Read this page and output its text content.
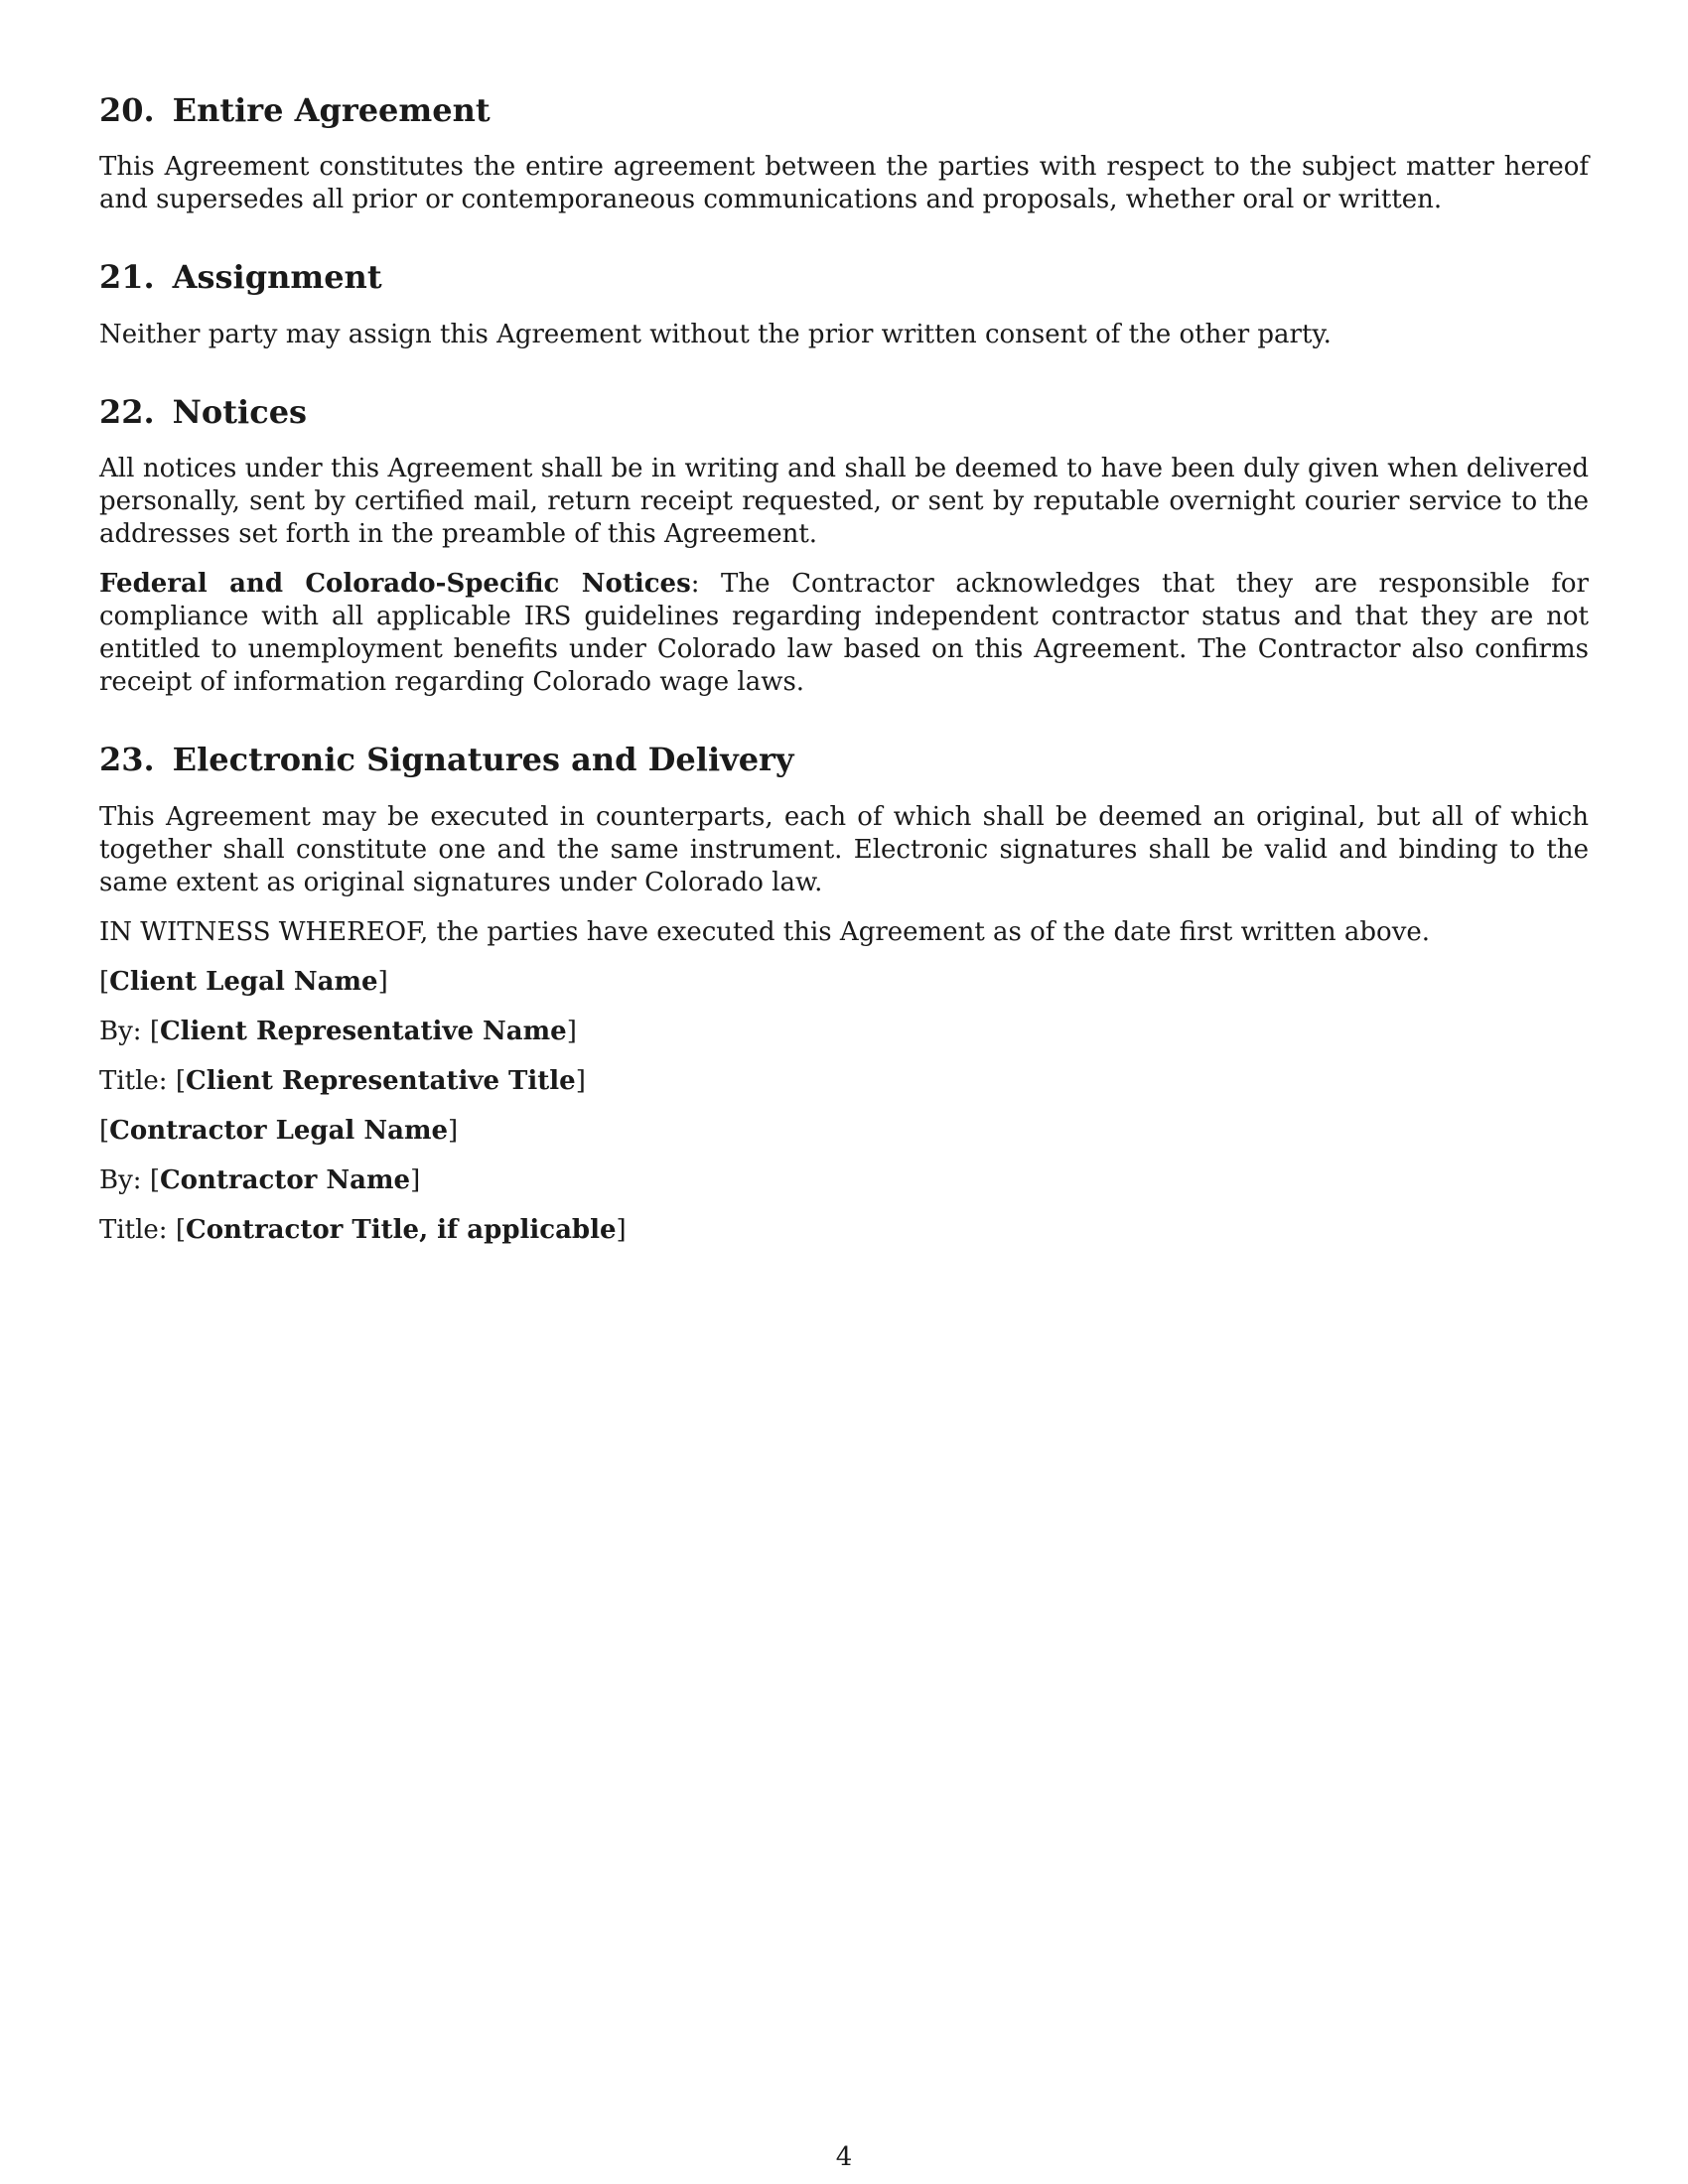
20. Entire Agreement

This Agreement constitutes the entire agreement between the parties with respect to the subject matter hereof and supersedes all prior or contemporaneous communications and proposals, whether oral or written.

21. Assignment

Neither party may assign this Agreement without the prior written consent of the other party.

22. Notices

All notices under this Agreement shall be in writing and shall be deemed to have been duly given when delivered personally, sent by certified mail, return receipt requested, or sent by reputable overnight courier service to the addresses set forth in the preamble of this Agreement.

Federal and Colorado-Specific Notices: The Contractor acknowledges that they are responsible for compliance with all applicable IRS guidelines regarding independent contractor status and that they are not entitled to unemployment benefits under Colorado law based on this Agreement. The Contractor also confirms receipt of information regarding Colorado wage laws.

23. Electronic Signatures and Delivery

This Agreement may be executed in counterparts, each of which shall be deemed an original, but all of which together shall constitute one and the same instrument. Electronic signatures shall be valid and binding to the same extent as original signatures under Colorado law.

IN WITNESS WHEREOF, the parties have executed this Agreement as of the date first written above.

[Client Legal Name]
By: [Client Representative Name]
Title: [Client Representative Title]
[Contractor Legal Name]
By: [Contractor Name]
Title: [Contractor Title, if applicable]
4
